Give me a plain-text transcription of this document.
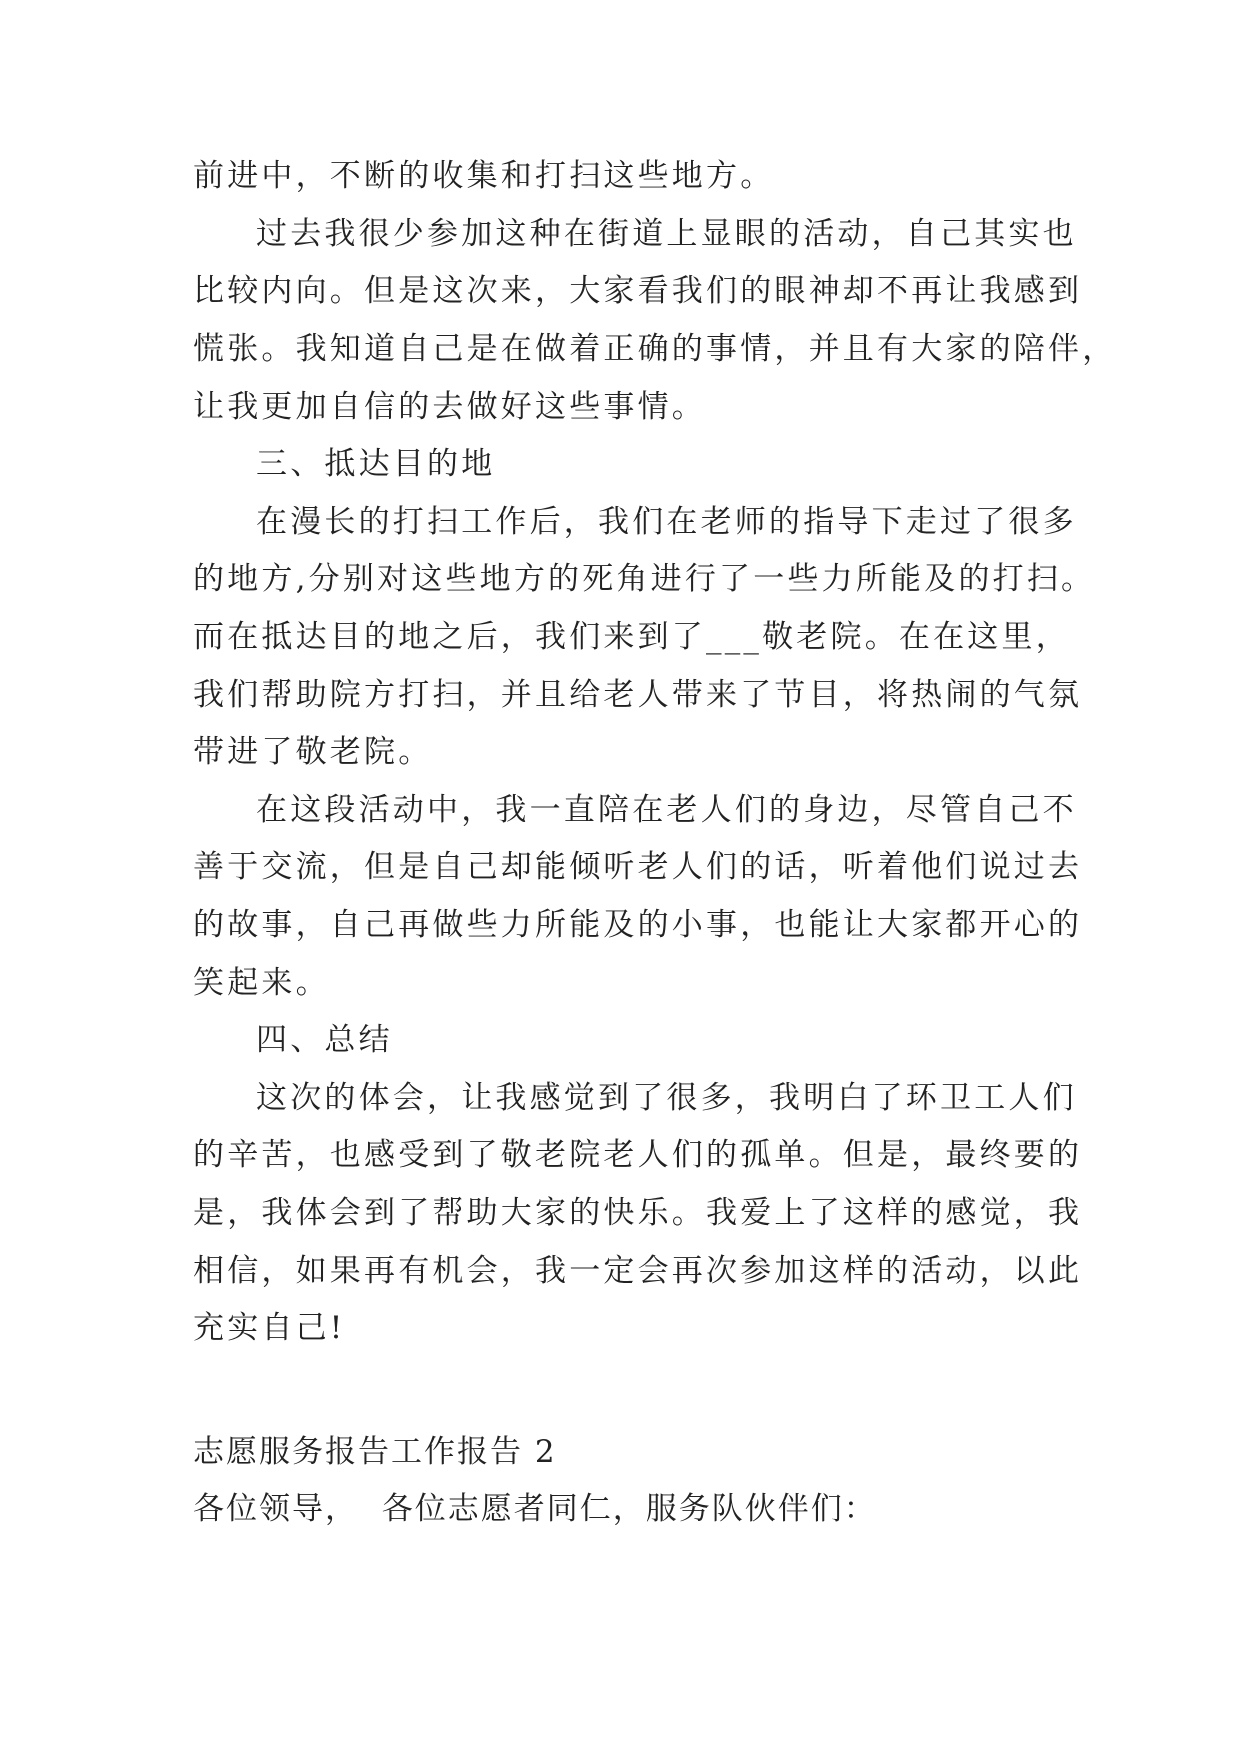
前进中，不断的收集和打扫这些地方。
过去我很少参加这种在街道上显眼的活动，自己其实也
比较内向。但是这次来，大家看我们的眼神却不再让我感到
慌张。我知道自己是在做着正确的事情，并且有大家的陪伴，
让我更加自信的去做好这些事情。
三、抵达目的地
在漫长的打扫工作后，我们在老师的指导下走过了很多
的地方,分别对这些地方的死角进行了一些力所能及的打扫。
而在抵达目的地之后，我们来到了___敬老院。在在这里，
我们帮助院方打扫，并且给老人带来了节目，将热闹的气氛
带进了敬老院。
在这段活动中，我一直陪在老人们的身边，尽管自己不
善于交流，但是自己却能倾听老人们的话，听着他们说过去
的故事，自己再做些力所能及的小事，也能让大家都开心的
笑起来。
四、总结
这次的体会，让我感觉到了很多，我明白了环卫工人们
的辛苦，也感受到了敬老院老人们的孤单。但是，最终要的
是，我体会到了帮助大家的快乐。我爱上了这样的感觉，我
相信，如果再有机会，我一定会再次参加这样的活动，以此
充实自己!
志愿服务报告工作报告 2
各位领导，  各位志愿者同仁，服务队伙伴们：
